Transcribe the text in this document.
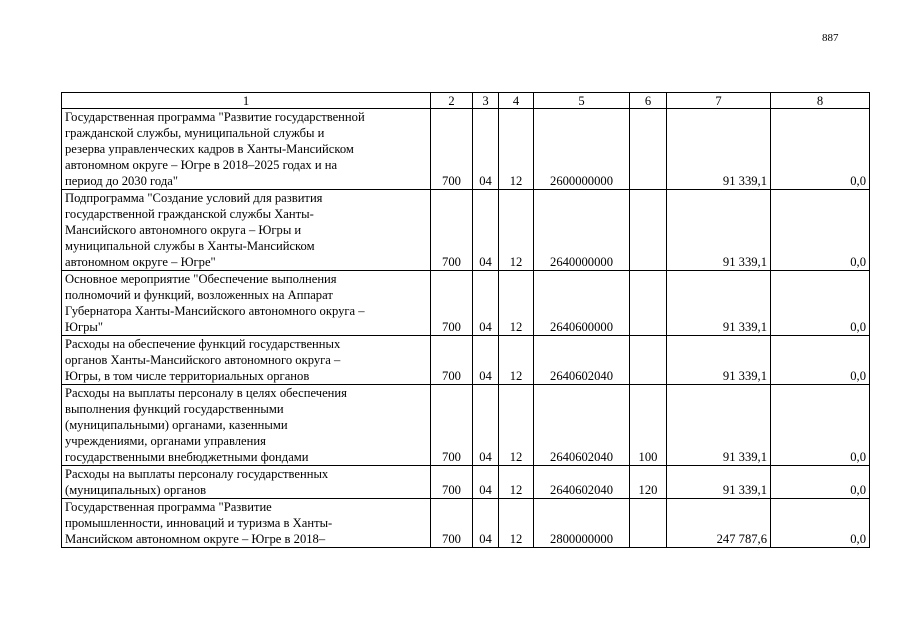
887
1	2	3	4	5	6	7	8

Государственная программа "Развитие государственной
гражданской службы, муниципальной службы и
резерва управленческих кадров в Ханты-Мансийском
автономном округе – Югре в 2018–2025 годах и на
период до 2030 года"	700	04	12	2600000000		91 339,1	0,0

Подпрограмма "Создание условий для развития
государственной гражданской службы Ханты-
Мансийского автономного округа – Югры и
муниципальной службы в Ханты-Мансийском
автономном округе – Югре"	700	04	12	2640000000		91 339,1	0,0

Основное мероприятие "Обеспечение выполнения
полномочий и функций, возложенных на Аппарат
Губернатора Ханты-Мансийского автономного округа –
Югры"	700	04	12	2640600000		91 339,1	0,0

Расходы на обеспечение функций государственных
органов Ханты-Мансийского автономного округа –
Югры, в том числе территориальных органов	700	04	12	2640602040		91 339,1	0,0

Расходы на выплаты персоналу в целях обеспечения
выполнения функций государственными
(муниципальными) органами, казенными
учреждениями, органами управления
государственными внебюджетными фондами	700	04	12	2640602040	100	91 339,1	0,0

Расходы на выплаты персоналу государственных
(муниципальных) органов	700	04	12	2640602040	120	91 339,1	0,0

Государственная программа "Развитие
промышленности, инноваций и туризма в Ханты-
Мансийском автономном округе – Югре в 2018–	700	04	12	2800000000		247 787,6	0,0
